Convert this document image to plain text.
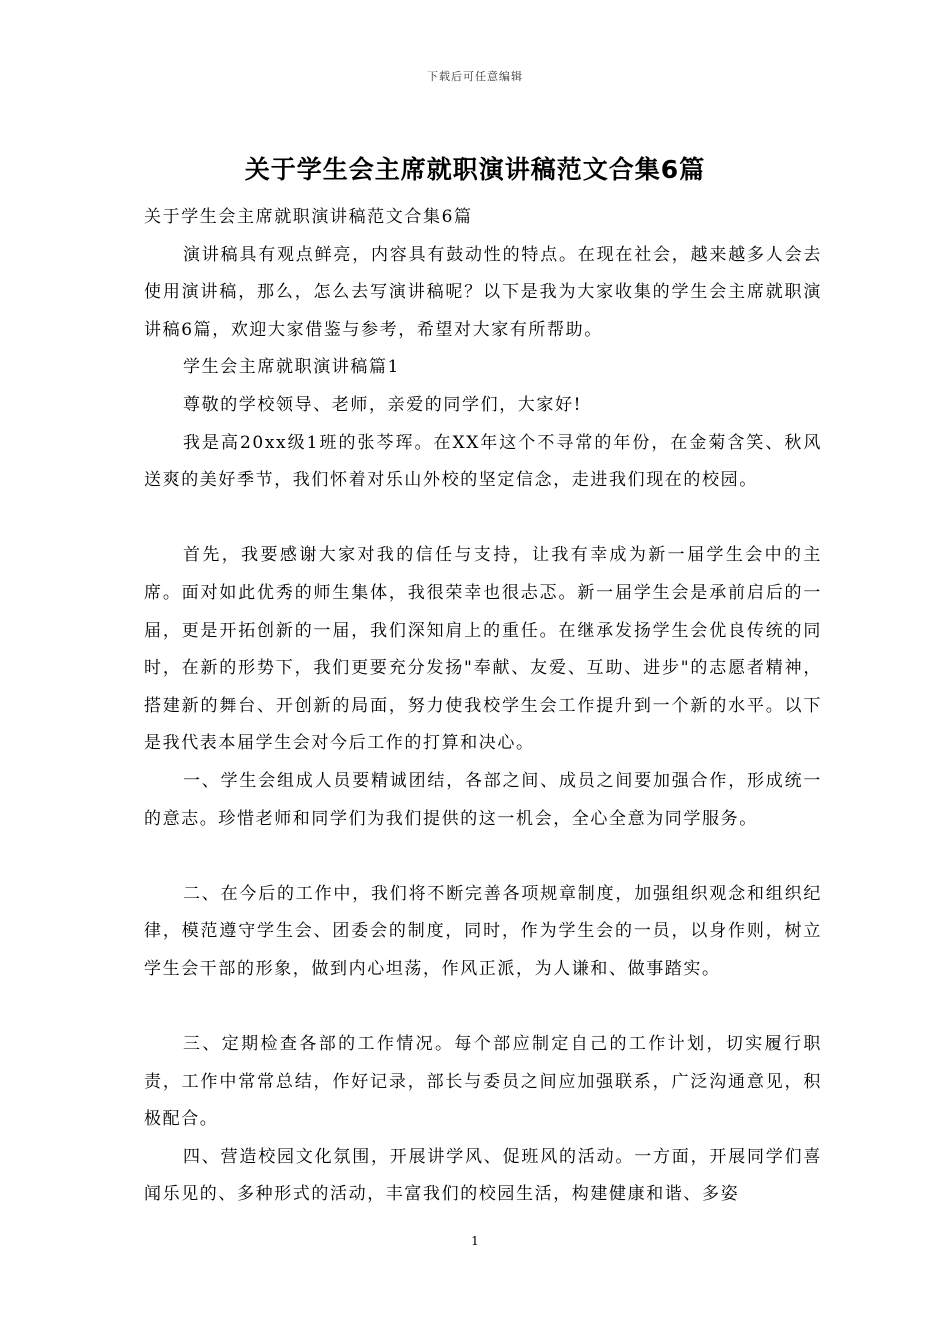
下载后可任意编辑
关于学生会主席就职演讲稿范文合集6篇

关于学生会主席就职演讲稿范文合集6篇

演讲稿具有观点鲜亮，内容具有鼓动性的特点。在现在社会，越来越多人会去使用演讲稿，那么，怎么去写演讲稿呢？以下是我为大家收集的学生会主席就职演讲稿6篇，欢迎大家借鉴与参考，希望对大家有所帮助。

学生会主席就职演讲稿篇1

尊敬的学校领导、老师，亲爱的同学们，大家好!

我是高20xx级1班的张芩珲。在XX年这个不寻常的年份，在金菊含笑、秋风送爽的美好季节，我们怀着对乐山外校的坚定信念，走进我们现在的校园。

首先，我要感谢大家对我的信任与支持，让我有幸成为新一届学生会中的主席。面对如此优秀的师生集体，我很荣幸也很忐忑。新一届学生会是承前启后的一届，更是开拓创新的一届，我们深知肩上的重任。在继承发扬学生会优良传统的同时，在新的形势下，我们更要充分发扬"奉献、友爱、互助、进步"的志愿者精神，搭建新的舞台、开创新的局面，努力使我校学生会工作提升到一个新的水平。以下是我代表本届学生会对今后工作的打算和决心。

一、学生会组成人员要精诚团结，各部之间、成员之间要加强合作，形成统一的意志。珍惜老师和同学们为我们提供的这一机会，全心全意为同学服务。

二、在今后的工作中，我们将不断完善各项规章制度，加强组织观念和组织纪律，模范遵守学生会、团委会的制度，同时，作为学生会的一员，以身作则，树立学生会干部的形象，做到内心坦荡，作风正派，为人谦和、做事踏实。

三、定期检查各部的工作情况。每个部应制定自己的工作计划，切实履行职责，工作中常常总结，作好记录，部长与委员之间应加强联系，广泛沟通意见，积极配合。

四、营造校园文化氛围，开展讲学风、促班风的活动。一方面，开展同学们喜闻乐见的、多种形式的活动，丰富我们的校园生活，构建健康和谐、多姿

1
